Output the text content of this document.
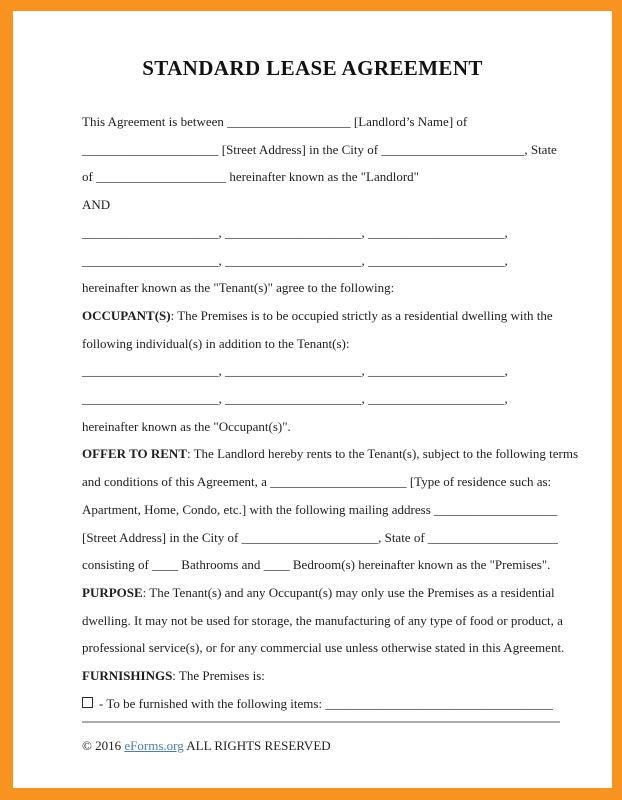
STANDARD LEASE AGREEMENT

This Agreement is between ___________________ [Landlord’s Name] of

_____________________ [Street Address] in the City of ______________________, State

of ____________________ hereinafter known as the "Landlord"

AND

_____________________, _____________________, _____________________,

_____________________, _____________________, _____________________,

hereinafter known as the "Tenant(s)" agree to the following:

OCCUPANT(S): The Premises is to be occupied strictly as a residential dwelling with the

following individual(s) in addition to the Tenant(s):

_____________________, _____________________, _____________________,

_____________________, _____________________, _____________________,

hereinafter known as the "Occupant(s)".

OFFER TO RENT: The Landlord hereby rents to the Tenant(s), subject to the following terms

and conditions of this Agreement, a _____________________ [Type of residence such as:

Apartment, Home, Condo, etc.] with the following mailing address ___________________

[Street Address] in the City of _____________________, State of ____________________

consisting of ____ Bathrooms and ____ Bedroom(s) hereinafter known as the "Premises".

PURPOSE: The Tenant(s) and any Occupant(s) may only use the Premises as a residential

dwelling. It may not be used for storage, the manufacturing of any type of food or product, a

professional service(s), or for any commercial use unless otherwise stated in this Agreement.

FURNISHINGS: The Premises is:

- To be furnished with the following items: ___________________________________

© 2016 eForms.org ALL RIGHTS RESERVED
